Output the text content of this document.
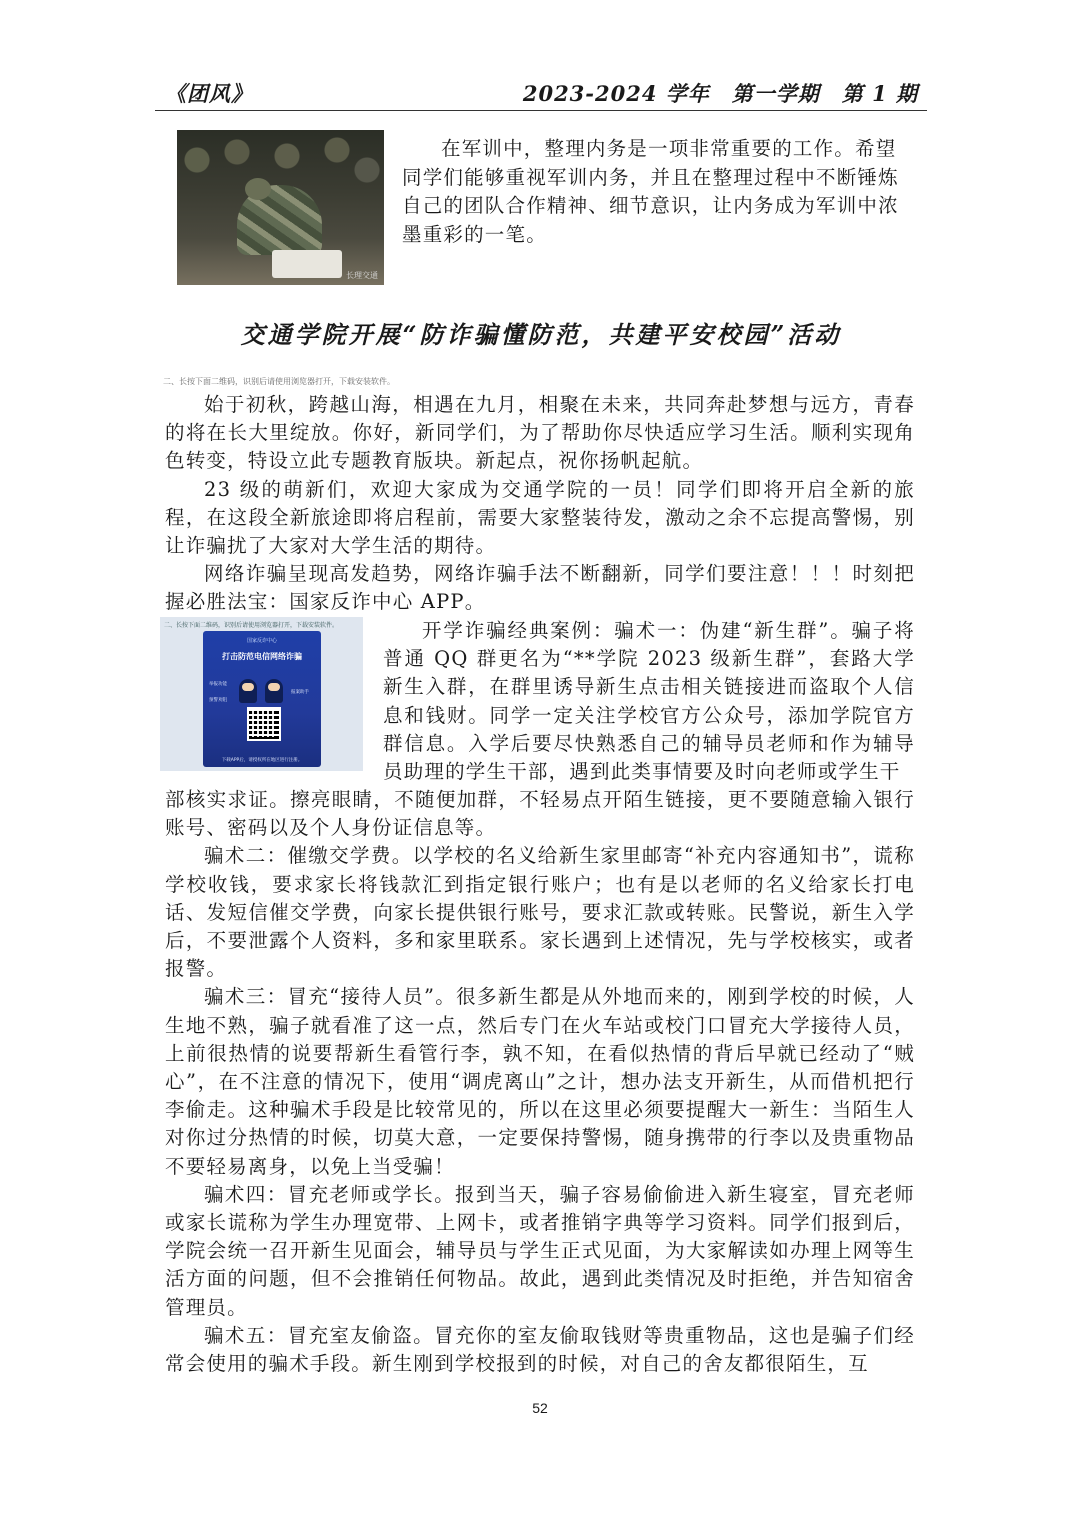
《团风》	2023-2024 学年 第一学期 第 1 期
长理交通

在军训中，整理内务是一项非常重要的工作。希望同学们能够重视军训内务，并且在整理过程中不断锤炼自己的团队合作精神、细节意识，让内务成为军训中浓墨重彩的一笔。

交通学院开展“防诈骗懂防范，共建平安校园”活动
二、长按下面二维码，识别后请使用浏览器打开，下载安装软件。

始于初秋，跨越山海，相遇在九月，相聚在未来，共同奔赴梦想与远方，青春的将在长大里绽放。你好，新同学们，为了帮助你尽快适应学习生活。顺利实现角色转变，特设立此专题教育版块。新起点，祝你扬帆起航。

23 级的萌新们，欢迎大家成为交通学院的一员！同学们即将开启全新的旅程，在这段全新旅途即将启程前，需要大家整装待发，激动之余不忘提高警惕，别让诈骗扰了大家对大学生活的期待。

网络诈骗呈现高发趋势，网络诈骗手法不断翻新，同学们要注意！！！时刻把握必胜法宝：国家反诈中心 APP。

二、长按下面二维码，识别后请使用浏览器打开，下载安装软件。
国家反诈中心
打击防范电信网络诈骗
举报功能
报案助手
预警劝阻
下载APP后，请授权所在地区进行注册。

开学诈骗经典案例：骗术一：伪建“新生群”。骗子将普通 QQ 群更名为“**学院 2023 级新生群”，套路大学新生入群，在群里诱导新生点击相关链接进而盗取个人信息和钱财。同学一定关注学校官方公众号，添加学院官方群信息。入学后要尽快熟悉自己的辅导员老师和作为辅导员助理的学生干部，遇到此类事情要及时向老师或学生干

部核实求证。擦亮眼睛，不随便加群，不轻易点开陌生链接，更不要随意输入银行账号、密码以及个人身份证信息等。

骗术二：催缴交学费。以学校的名义给新生家里邮寄“补充内容通知书”，谎称学校收钱，要求家长将钱款汇到指定银行账户；也有是以老师的名义给家长打电话、发短信催交学费，向家长提供银行账号，要求汇款或转账。民警说，新生入学后，不要泄露个人资料，多和家里联系。家长遇到上述情况，先与学校核实，或者报警。

骗术三：冒充“接待人员”。很多新生都是从外地而来的，刚到学校的时候，人生地不熟，骗子就看准了这一点，然后专门在火车站或校门口冒充大学接待人员，上前很热情的说要帮新生看管行李，孰不知，在看似热情的背后早就已经动了“贼心”，在不注意的情况下，使用“调虎离山”之计，想办法支开新生，从而借机把行李偷走。这种骗术手段是比较常见的，所以在这里必须要提醒大一新生：当陌生人对你过分热情的时候，切莫大意，一定要保持警惕，随身携带的行李以及贵重物品不要轻易离身，以免上当受骗！

骗术四：冒充老师或学长。报到当天，骗子容易偷偷进入新生寝室，冒充老师或家长谎称为学生办理宽带、上网卡，或者推销字典等学习资料。同学们报到后，学院会统一召开新生见面会，辅导员与学生正式见面，为大家解读如办理上网等生活方面的问题，但不会推销任何物品。故此，遇到此类情况及时拒绝，并告知宿舍管理员。

骗术五：冒充室友偷盗。冒充你的室友偷取钱财等贵重物品，这也是骗子们经常会使用的骗术手段。新生刚到学校报到的时候，对自己的舍友都很陌生，互

52
